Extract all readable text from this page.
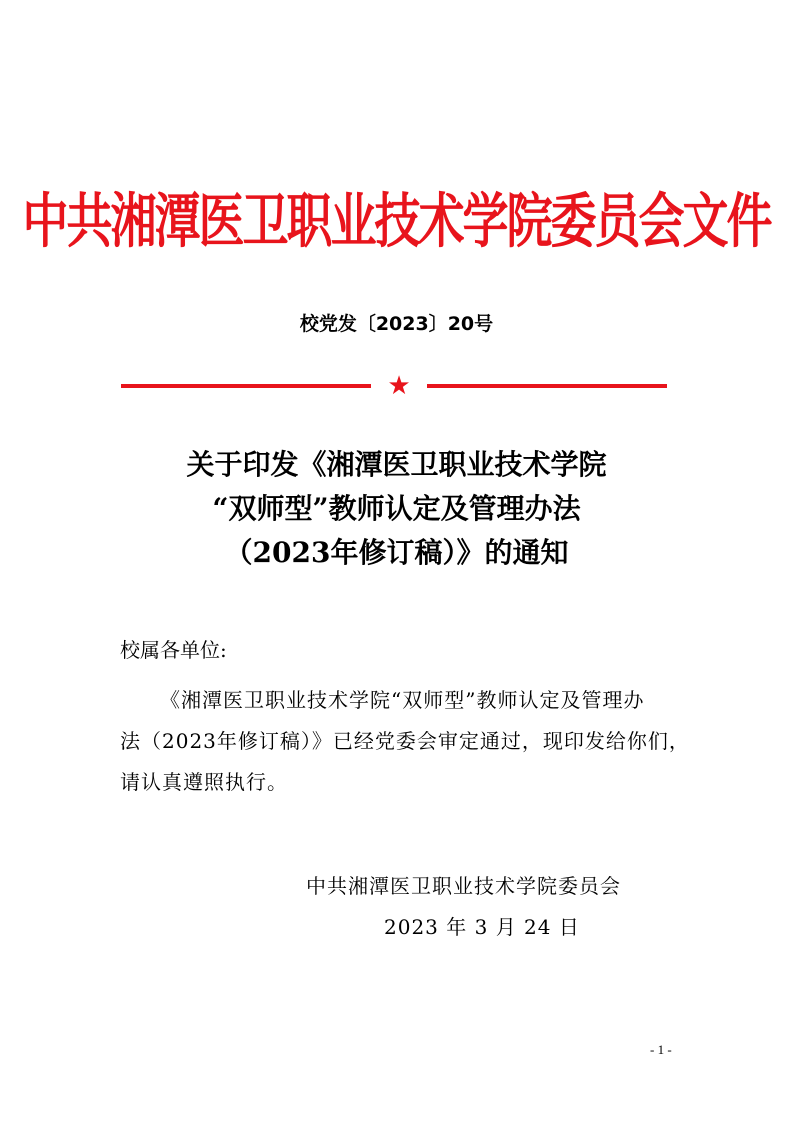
中共湘潭医卫职业技术学院委员会文件
校党发〔2023〕20号
★
关于印发《湘潭医卫职业技术学院
“双师型”教师认定及管理办法
（2023年修订稿）》的通知
校属各单位:
《湘潭医卫职业技术学院“双师型”教师认定及管理办
法（2023年修订稿）》已经党委会审定通过，现印发给你们，
请认真遵照执行。
中共湘潭医卫职业技术学院委员会
2023 年 3 月 24 日
- 1 -
